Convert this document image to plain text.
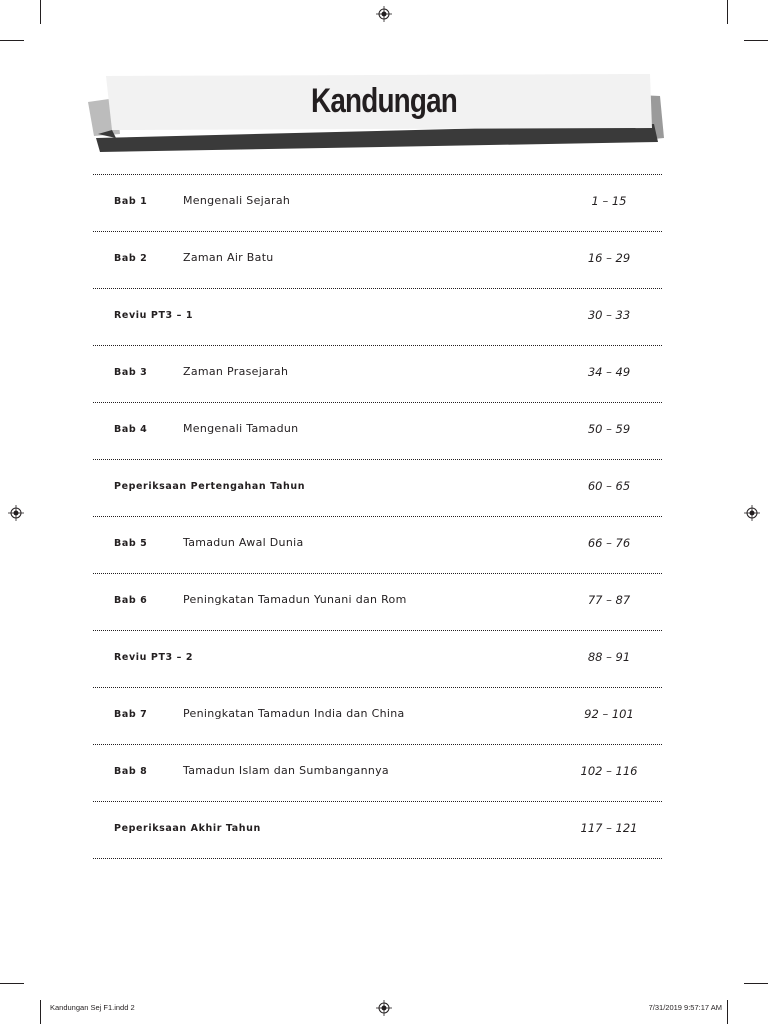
Kandungan
Bab 1	Mengenali Sejarah	1 – 15
Bab 2	Zaman Air Batu	16 – 29
Reviu PT3 – 1	30 – 33
Bab 3	Zaman Prasejarah	34 – 49
Bab 4	Mengenali Tamadun	50 – 59
Peperiksaan Pertengahan Tahun	60 – 65
Bab 5	Tamadun Awal Dunia	66 – 76
Bab 6	Peningkatan Tamadun Yunani dan Rom	77 – 87
Reviu PT3 – 2	88 – 91
Bab 7	Peningkatan Tamadun India dan China	92 – 101
Bab 8	Tamadun Islam dan Sumbangannya	102 – 116
Peperiksaan Akhir Tahun	117 – 121
Kandungan Sej F1.indd 2	7/31/2019 9:57:17 AM
